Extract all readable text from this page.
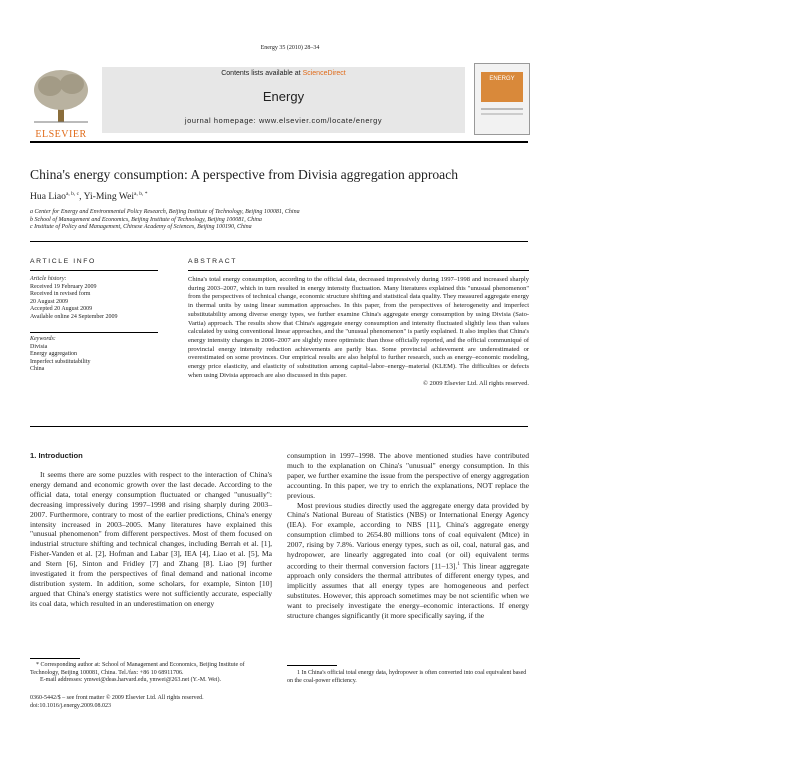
Energy 35 (2010) 28–34
ELSEVIER
Contents lists available at ScienceDirect
Energy
journal homepage: www.elsevier.com/locate/energy
ENERGY
China's energy consumption: A perspective from Divisia aggregation approach
Hua Liao$^{a, b, c}$, Yi-Ming Wei$^{a, b, *}$
a Center for Energy and Environmental Policy Research, Beijing Institute of Technology, Beijing 100081, China
b School of Management and Economics, Beijing Institute of Technology, Beijing 100081, China
c Institute of Policy and Management, Chinese Academy of Sciences, Beijing 100190, China
ARTICLE INFO
Article history:
Received 19 February 2009
Received in revised form
20 August 2009
Accepted 20 August 2009
Available online 24 September 2009
Keywords:
Divisia
Energy aggregation
Imperfect substitutability
China
ABSTRACT
China's total energy consumption, according to the official data, decreased impressively during 1997–1998 and increased sharply during 2003–2007, which in turn resulted in energy intensity fluctuation. Many literatures explained this "unusual phenomenon" from the perspectives of technical change, economic structure shifting and statistical data quality. They measured aggregate energy in thermal units by using linear summation approaches. In this paper, from the perspectives of heterogeneity and imperfect substitutability among diverse energy types, we further examine China's aggregate energy consumption by using Divisia (Sato-Vartia) approach. The results show that China's aggregate energy consumption and intensity fluctuated slightly less than values calculated by using conventional linear approaches, and the "unusual phenomenon" is partly explained. It also implies that China's energy intensity changes in 2006–2007 are slightly more optimistic than those officially reported, and the official communiqué of provincial energy intensity reduction achievements are partly bias. Some provincial achievement are underestimated or overestimated on some provinces. Our empirical results are also helpful to further research, such as energy–economic modeling, energy price elasticity, and elasticity of substitution among capital–labor–energy–material (KLEM). The difficulties or defects when using Divisia approach are also discussed in this paper.
© 2009 Elsevier Ltd. All rights reserved.
1. Introduction
It seems there are some puzzles with respect to the interaction of China's energy demand and economic growth over the last decade. According to the official data, total energy consumption fluctuated or changed "unusually": decreasing impressively during 1997–1998 and rising sharply during 2003–2007. Furthermore, contrary to most of the earlier predictions, China's energy intensity increased in 2003–2005. Many literatures have explained this "unusual phenomenon" from different perspectives. Most of them focused on industrial structure shifting and technical changes, including Berrah et al. [1], Fisher-Vanden et al. [2], Hofman and Labar [3], IEA [4], Liao et al. [5], Ma and Stern [6], Sinton and Fridley [7] and Zhang [8]. Liao [9] further investigated it from the perspectives of final demand and national income distribution system. In addition, some scholars, for example, Sinton [10] argued that China's energy statistics were not sufficiently accurate, especially its coal data, which resulted in an underestimation on energy
consumption in 1997–1998. The above mentioned studies have contributed much to the explanation on China's "unusual" energy consumption. In this paper, we further examine the issue from the perspective of energy aggregation accounting. In this paper, we try to enrich the explanations, NOT replace the previous.
Most previous studies directly used the aggregate energy data provided by China's National Bureau of Statistics (NBS) or International Energy Agency (IEA). For example, according to NBS [11], China's aggregate energy consumption climbed to 2654.80 millions tons of coal equivalent (Mtce) in 2007, rising by 7.8%. Various energy types, such as oil, coal, natural gas, and hydropower, are linearly aggregated into coal (or oil) equivalent terms according to their thermal conversion factors [11–13].$^1$ This linear aggregate approach only considers the thermal attributes of different energy types, and implicitly assumes that all energy types are homogeneous and perfect substitutes. However, this approach sometimes may be not scientific when we want to precisely investigate the energy–economic interactions. If energy structure changes significantly (it more specifically saying, if the
* Corresponding author at: School of Management and Economics, Beijing Institute of Technology, Beijing 100081, China. Tel./fax: +86 10 68911706.
E-mail addresses: ymwei@deas.harvard.edu, ymwei@263.net (Y.-M. Wei).
1 In China's official total energy data, hydropower is often converted into coal equivalent based on the coal-power efficiency.
0360-5442/$ – see front matter © 2009 Elsevier Ltd. All rights reserved.
doi:10.1016/j.energy.2009.08.023
